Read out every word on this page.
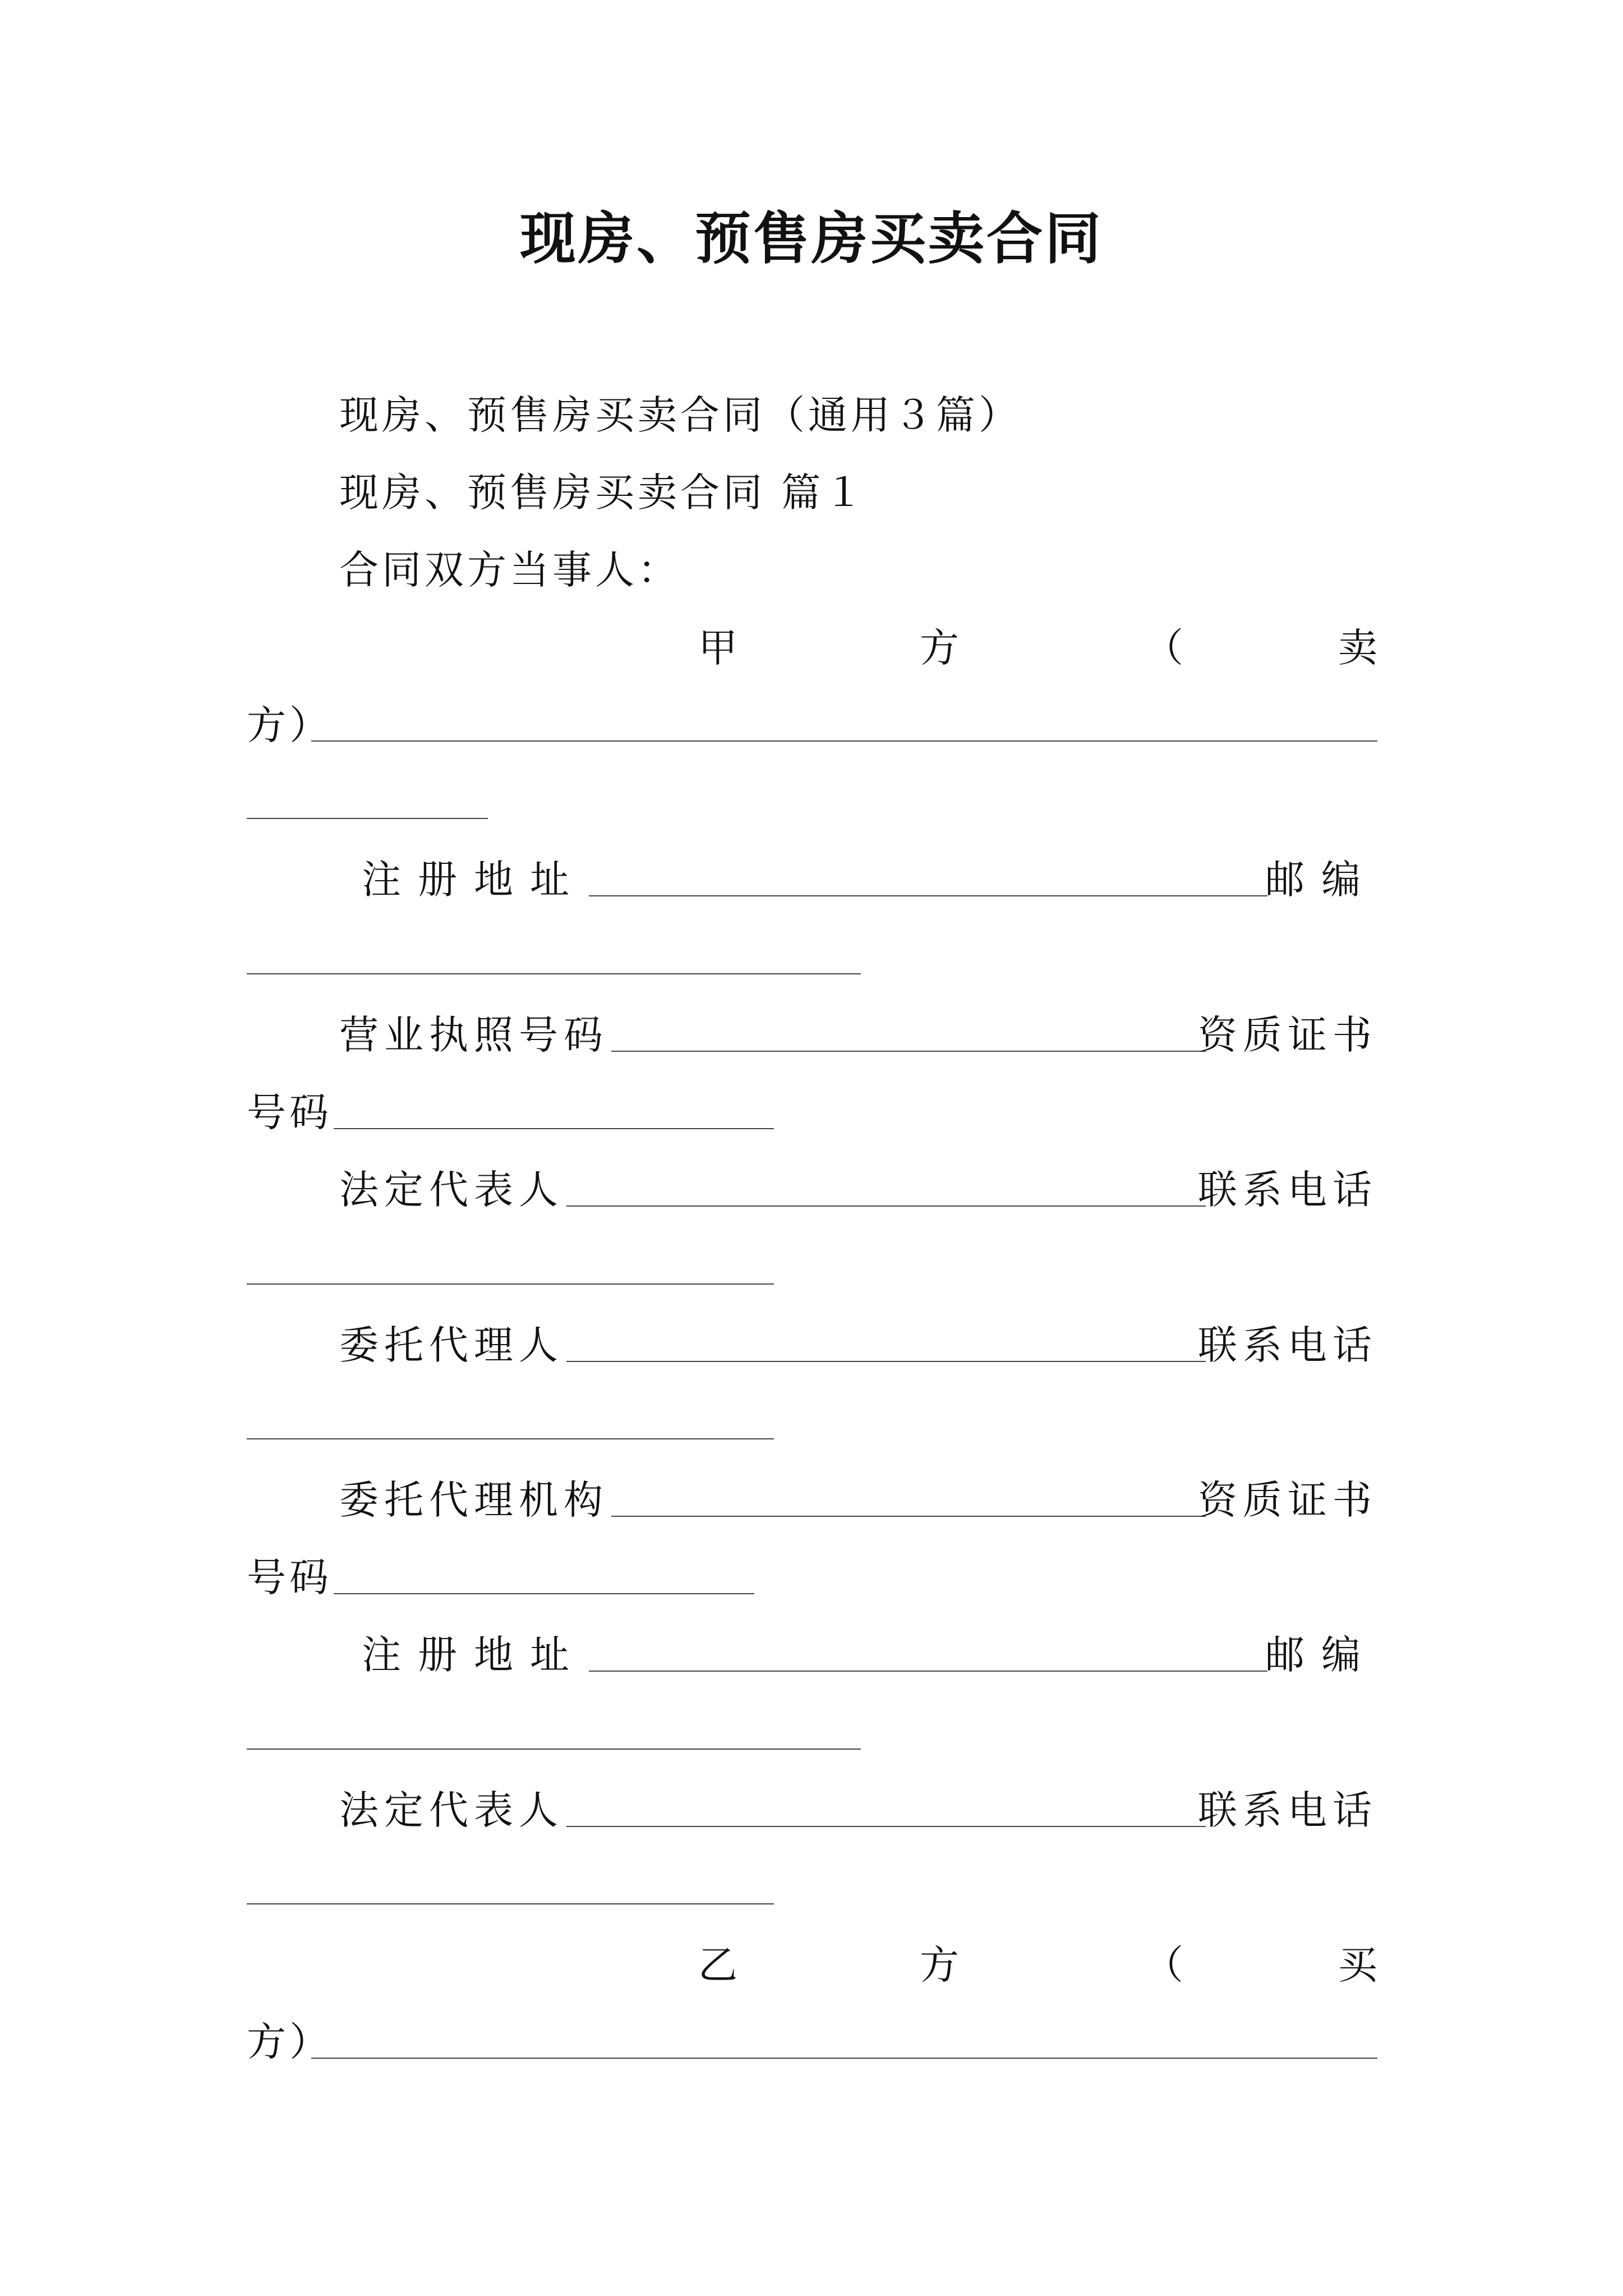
现房、预售房买卖合同
现房、预售房买卖合同（通用３篇）
现房、预售房买卖合同 篇１
合同双方当事人：
甲	方	（	卖
方）
注册地址	邮编
营业执照号码	资质证书
号码
法定代表人	联系电话
委托代理人	联系电话
委托代理机构	资质证书
号码
注册地址	邮编
法定代表人	联系电话
乙	方	（	买
方）
